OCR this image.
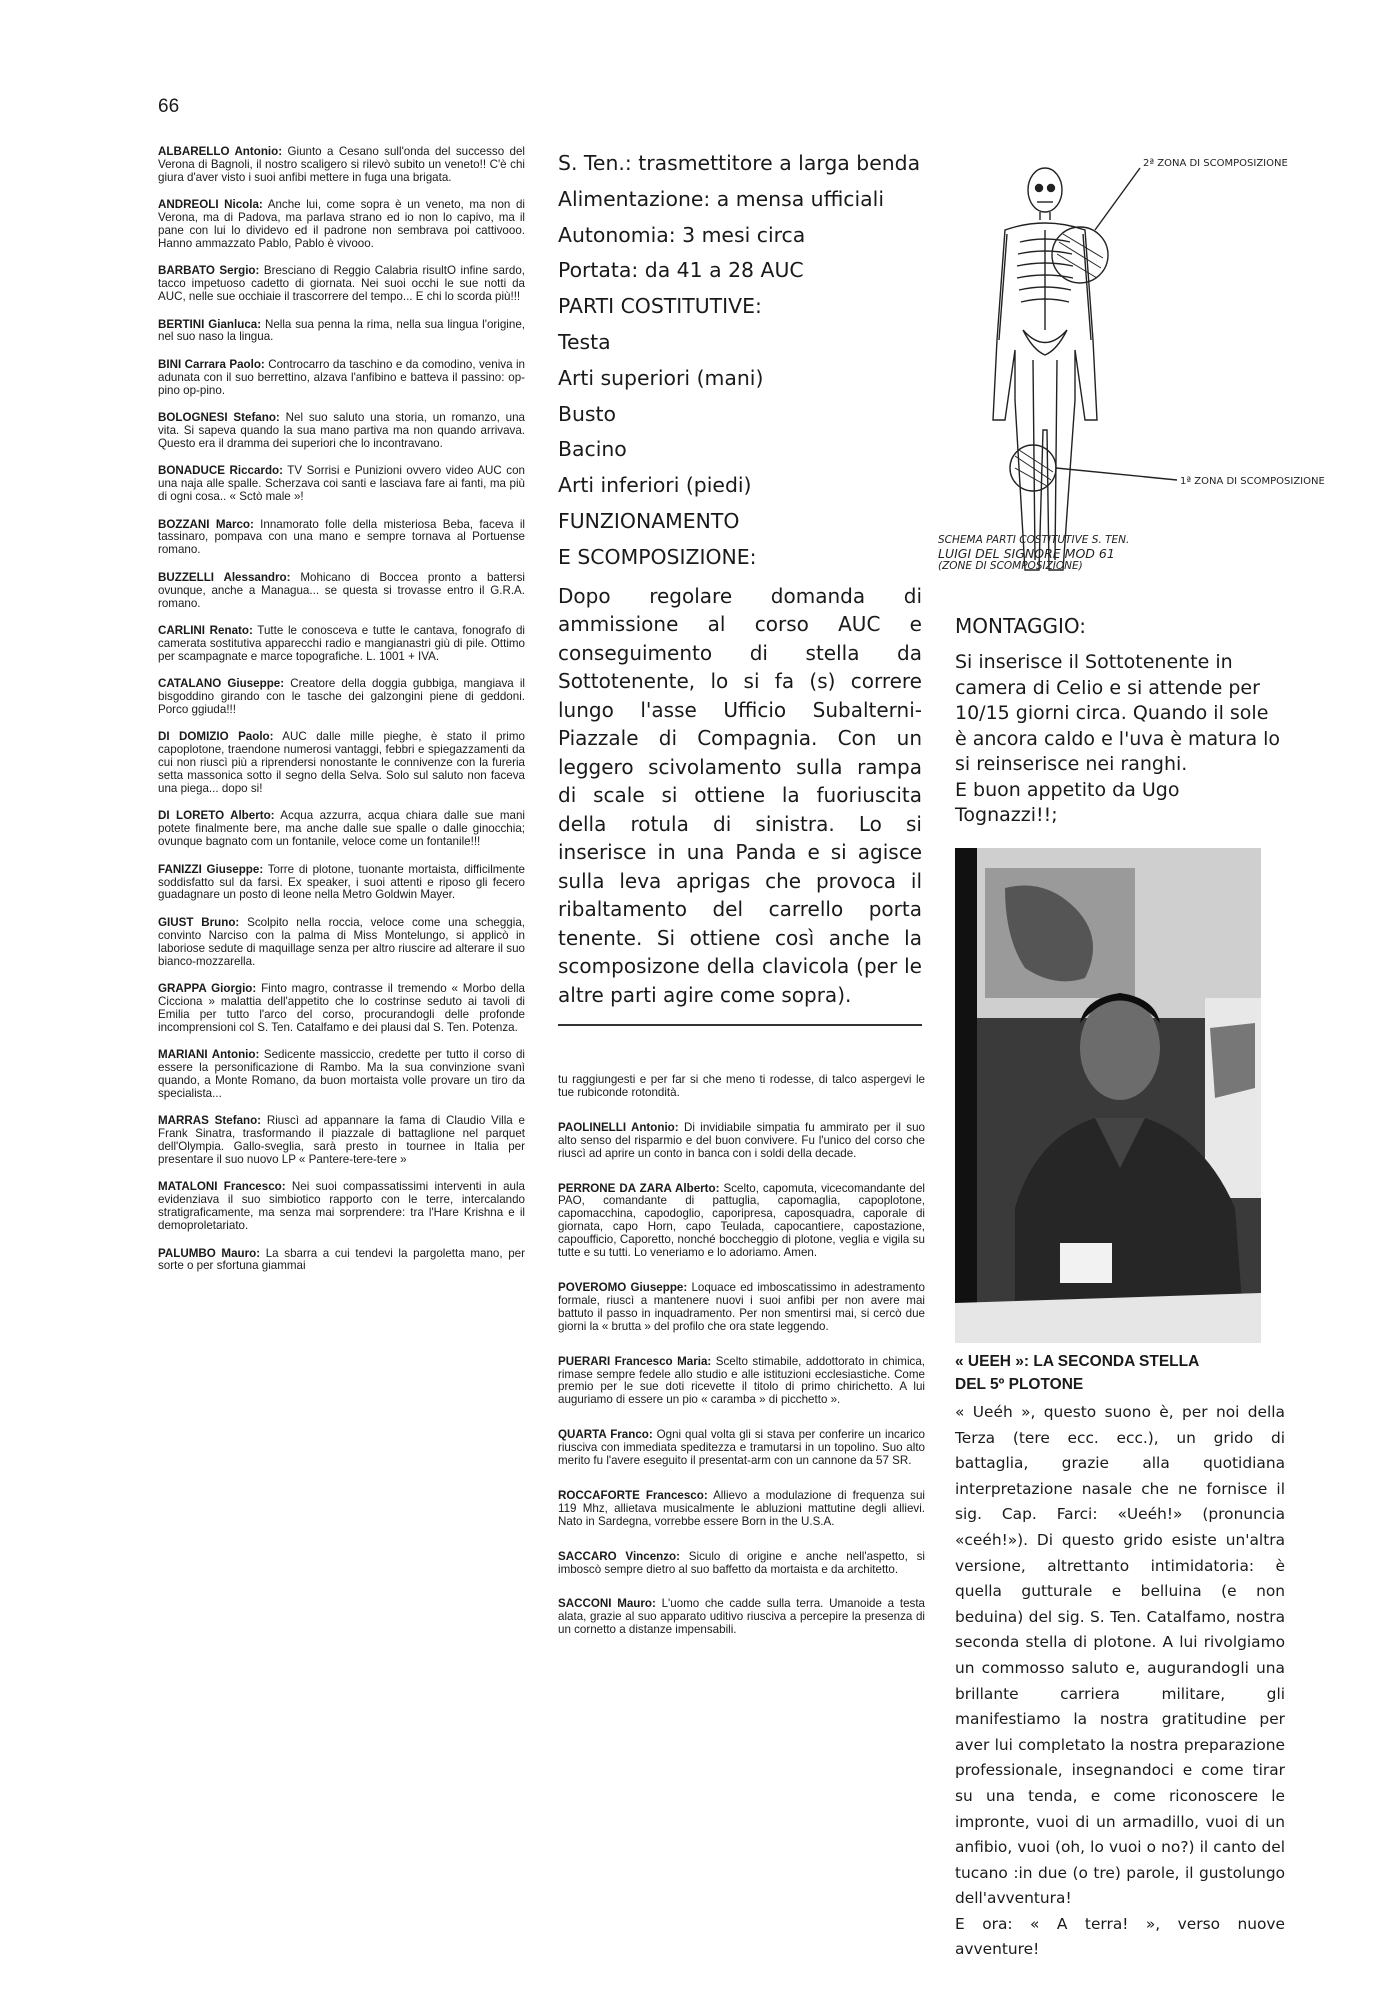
66

ALBARELLO Antonio: Giunto a Cesano sull'onda del successo del Verona di Bagnoli, il nostro scaligero si rilevò subito un veneto!! C'è chi giura d'aver visto i suoi anfibi mettere in fuga una brigata.

ANDREOLI Nicola: Anche lui, come sopra è un veneto, ma non di Verona, ma di Padova, ma parlava strano ed io non lo capivo, ma il pane con lui lo dividevo ed il padrone non sembrava poi cattivooo. Hanno ammazzato Pablo, Pablo è vivooo.

BARBATO Sergio: Bresciano di Reggio Calabria risultO infine sardo, tacco impetuoso cadetto di giornata. Nei suoi occhi le sue notti da AUC, nelle sue occhiaie il trascorrere del tempo... E chi lo scorda più!!!

BERTINI Gianluca: Nella sua penna la rima, nella sua lingua l'origine, nel suo naso la lingua.

BINI Carrara Paolo: Controcarro da taschino e da comodino, veniva in adunata con il suo berrettino, alzava l'anfibino e batteva il passino: op-pino op-pino.

BOLOGNESI Stefano: Nel suo saluto una storia, un romanzo, una vita. Si sapeva quando la sua mano partiva ma non quando arrivava. Questo era il dramma dei superiori che lo incontravano.

BONADUCE Riccardo: TV Sorrisi e Punizioni ovvero video AUC con una naja alle spalle. Scherzava coi santi e lasciava fare ai fanti, ma più di ogni cosa.. « Sctò male »!

BOZZANI Marco: Innamorato folle della misteriosa Beba, faceva il tassinaro, pompava con una mano e sempre tornava al Portuense romano.

BUZZELLI Alessandro: Mohicano di Boccea pronto a battersi ovunque, anche a Managua... se questa si trovasse entro il G.R.A. romano.

CARLINI Renato: Tutte le conosceva e tutte le cantava, fonografo di camerata sostitutiva apparecchi radio e mangianastri giù di pile. Ottimo per scampagnate e marce topografiche. L. 1001 + IVA.

CATALANO Giuseppe: Creatore della doggia gubbiga, mangiava il bisgoddino girando con le tasche dei galzongini piene di geddoni. Porco ggiuda!!!

DI DOMIZIO Paolo: AUC dalle mille pieghe, è stato il primo capoplotone, traendone numerosi vantaggi, febbri e spiegazzamenti da cui non riuscì più a riprendersi nonostante le connivenze con la fureria setta massonica sotto il segno della Selva. Solo sul saluto non faceva una piega... dopo si!

DI LORETO Alberto: Acqua azzurra, acqua chiara dalle sue mani potete finalmente bere, ma anche dalle sue spalle o dalle ginocchia; ovunque bagnato com un fontanile, veloce come un fontanile!!!

FANIZZI Giuseppe: Torre di plotone, tuonante mortaista, difficilmente soddisfatto sul da farsi. Ex speaker, i suoi attenti e riposo gli fecero guadagnare un posto di leone nella Metro Goldwin Mayer.

GIUST Bruno: Scolpito nella roccia, veloce come una scheggia, convinto Narciso con la palma di Miss Montelungo, si applicò in laboriose sedute di maquillage senza per altro riuscire ad alterare il suo bianco-mozzarella.

GRAPPA Giorgio: Finto magro, contrasse il tremendo « Morbo della Cicciona » malattia dell'appetito che lo costrinse seduto ai tavoli di Emilia per tutto l'arco del corso, procurandogli delle profonde incomprensioni col S. Ten. Catalfamo e dei plausi dal S. Ten. Potenza.

MARIANI Antonio: Sedicente massiccio, credette per tutto il corso di essere la personificazione di Rambo. Ma la sua convinzione svanì quando, a Monte Romano, da buon mortaista volle provare un tiro da specialista...

MARRAS Stefano: Riuscì ad appannare la fama di Claudio Villa e Frank Sinatra, trasformando il piazzale di battaglione nel parquet dell'Olympia. Gallo-sveglia, sarà presto in tournee in Italia per presentare il suo nuovo LP « Pantere-tere-tere »

MATALONI Francesco: Nei suoi compassatissimi interventi in aula evidenziava il suo simbiotico rapporto con le terre, intercalando stratigraficamente, ma senza mai sorprendere: tra l'Hare Krishna e il demoproletariato.

PALUMBO Mauro: La sbarra a cui tendevi la pargoletta mano, per sorte o per sfortuna giammai

S. Ten.: trasmettitore a larga benda
Alimentazione: a mensa ufficiali
Autonomia: 3 mesi circa
Portata: da 41 a 28 AUC
PARTI COSTITUTIVE:
Testa
Arti superiori (mani)
Busto
Bacino
Arti inferiori (piedi)
FUNZIONAMENTO
E SCOMPOSIZIONE:
Dopo regolare domanda di ammissione al corso AUC e conseguimento di stella da Sottotenente, lo si fa (s) correre lungo l'asse Ufficio Subalterni-Piazzale di Compagnia. Con un leggero scivolamento sulla rampa di scale si ottiene la fuoriuscita della rotula di sinistra. Lo si inserisce in una Panda e si agisce sulla leva aprigas che provoca il ribaltamento del carrello porta tenente. Si ottiene così anche la scomposizone della clavicola (per le altre parti agire come sopra).

tu raggiungesti e per far si che meno ti rodesse, di talco aspergevi le tue rubiconde rotondità.

PAOLINELLI Antonio: Di invidiabile simpatia fu ammirato per il suo alto senso del risparmio e del buon convivere. Fu l'unico del corso che riuscì ad aprire un conto in banca con i soldi della decade.

PERRONE DA ZARA Alberto: Scelto, capomuta, vicecomandante del PAO, comandante di pattuglia, capomaglia, capoplotone, capomacchina, capodoglio, caporipresa, caposquadra, caporale di giornata, capo Horn, capo Teulada, capocantiere, capostazione, capoufficio, Caporetto, nonché boccheggio di plotone, veglia e vigila su tutte e su tutti. Lo veneriamo e lo adoriamo. Amen.

POVEROMO Giuseppe: Loquace ed imboscatissimo in adestramento formale, riuscì a mantenere nuovi i suoi anfibi per non avere mai battuto il passo in inquadramento. Per non smentirsi mai, si cercò due giorni la « brutta » del profilo che ora state leggendo.

PUERARI Francesco Maria: Scelto stimabile, addottorato in chimica, rimase sempre fedele allo studio e alle istituzioni ecclesiastiche. Come premio per le sue doti ricevette il titolo di primo chirichetto. A lui auguriamo di essere un pio « caramba » di picchetto ».

QUARTA Franco: Ogni qual volta gli si stava per conferire un incarico riusciva con immediata speditezza e tramutarsi in un topolino. Suo alto merito fu l'avere eseguito il presentat-arm con un cannone da 57 SR.

ROCCAFORTE Francesco: Allievo a modulazione di frequenza sui 119 Mhz, allietava musicalmente le abluzioni mattutine degli allievi. Nato in Sardegna, vorrebbe essere Born in the U.S.A.

SACCARO Vincenzo: Siculo di origine e anche nell'aspetto, si imboscò sempre dietro al suo baffetto da mortaista e da architetto.

SACCONI Mauro: L'uomo che cadde sulla terra. Umanoide a testa alata, grazie al suo apparato uditivo riusciva a percepire la presenza di un cornetto a distanze impensabili.

2ª ZONA DI SCOMPOSIZIONE
1ª ZONA DI SCOMPOSIZIONE
SCHEMA PARTI COSTITUTIVE S. TEN.
LUIGI DEL SIGNORE MOD 61
(ZONE DI SCOMPOSIZIONE)
MONTAGGIO:
Si inserisce il Sottotenente in camera di Celio e si attende per 10/15 giorni circa. Quando il sole è ancora caldo e l'uva è matura lo si reinserisce nei ranghi.
E buon appetito da Ugo Tognazzi!!;
« UEEH »: LA SECONDA STELLA
DEL 5º PLOTONE
« Ueéh », questo suono è, per noi della Terza (tere ecc. ecc.), un grido di battaglia, grazie alla quotidiana interpretazione nasale che ne fornisce il sig. Cap. Farci: «Ueéh!» (pronuncia «ceéh!»). Di questo grido esiste un'altra versione, altrettanto intimidatoria: è quella gutturale e belluina (e non beduina) del sig. S. Ten. Catalfamo, nostra seconda stella di plotone. A lui rivolgiamo un commosso saluto e, augurandogli una brillante carriera militare, gli manifestiamo la nostra gratitudine per aver lui completato la nostra preparazione professionale, insegnandoci e come tirar su una tenda, e come riconoscere le impronte, vuoi di un armadillo, vuoi di un anfibio, vuoi (oh, lo vuoi o no?) il canto del tucano :in due (o tre) parole, il gustolungo dell'avventura!
E ora: « A terra! », verso nuove avventure!
